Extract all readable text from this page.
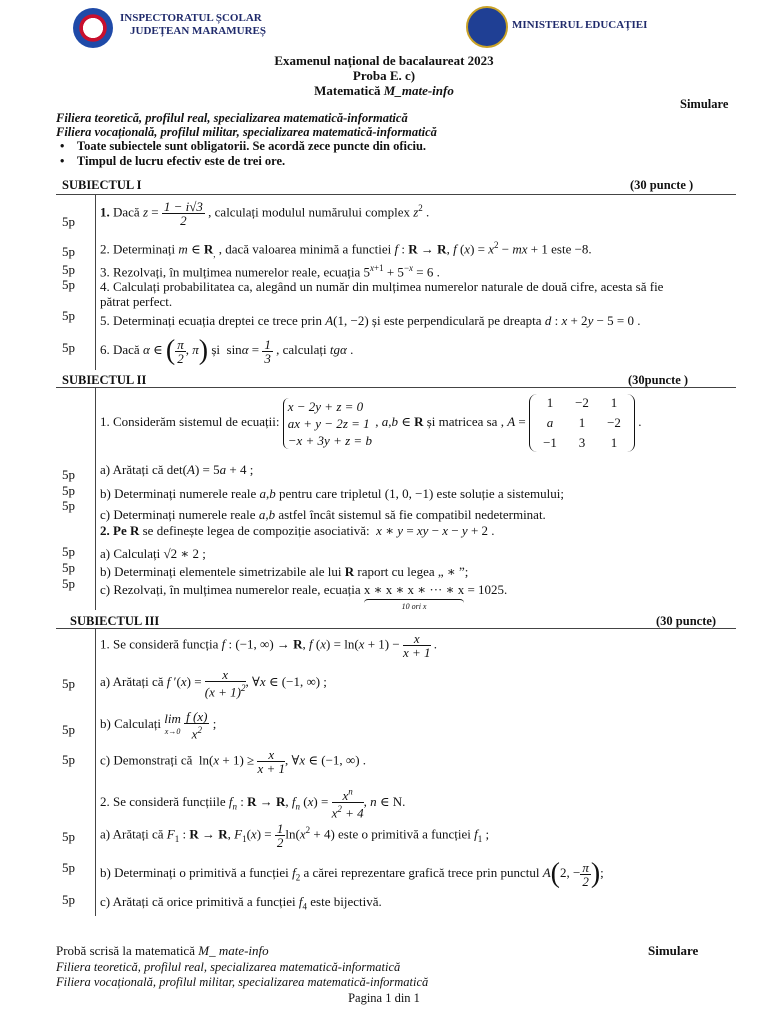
INSPECTORATUL ȘCOLAR
JUDEȚEAN MARAMUREȘ	MINISTERUL EDUCAȚIEI
Examenul național de bacalaureat 2023
Proba E. c)
Matematică M_mate-info
Simulare
Filiera teoretică, profilul real, specializarea matematică-informatică
Filiera vocațională, profilul militar, specializarea matematică-informatică
•    Toate subiectele sunt obligatorii. Se acordă zece puncte din oficiu.
•    Timpul de lucru efectiv este de trei ore.
SUBIECTUL I	(30 puncte )
5p
1. Dacă $z = \frac{1 - i√3}{2}$ , calculați modulul numărului complex $z^2$ .
5p 2. Determinați m ∈ $R_,$ , dacă valoarea minimă a functiei f : R → R, f $(x) = x^2$ − mx + 1 este −8.
5p 3. Rezolvați, în mulțimea numerelor reale, ecuația $5^{x+1} + 5^{-x} = 6$ .
5p 4. Calculați probabilitatea ca, alegând un număr din mulțimea numerelor naturale de două cifre, acesta să fie
pătrat perfect.
5p 5. Determinați ecuația dreptei ce trece prin A(1, −2) și este perpendiculară pe dreapta d : x + 2y − 5 = 0 .
5p 6. Dacă α ∈ ( $\frac{\pi}{2}$ , π) și  $\sin\alpha = \frac{1}{3}$ , calculați tgα .
SUBIECTUL II	(30puncte )
1. Considerăm sistemul de ecuații:
x − 2y + z = 0
ax + y − 2z = 1
−x + 3y + z = b
, a,b ∈ R și matricea sa , A =
1	−2	1
a	1	−2
−1	3	1
.
5p a) Arătați că det(A) = 5a + 4 ;
5p b) Determinați numerele reale a,b pentru care tripletul (1, 0, −1) este soluție a sistemului;
5p
c) Determinați numerele reale a,b astfel încât sistemul să fie compatibil nedeterminat.
2. Pe R se definește legea de compoziție asociativă: x ∗ y = xy − x − y + 2 .
5p a) Calculați √2 ∗ 2 ;
5p b) Determinați elementele simetrizabile ale lui R raport cu legea „ ∗ ”;
5p c) Rezolvați, în mulțimea numerelor reale, ecuația x ∗ x ∗ x ∗ ··· ∗ x
10 ori x
= 1025.
SUBIECTUL III	(30 puncte)
1. Se consideră funcția f : (−1, ∞) → R, f $(x) = \ln(x + 1) - \frac{x}{x + 1}$ .
5p a) Arătați că f $'(x) = \frac{x}{(x + 1)^2}$ , ∀x ∈ (−1, ∞) ;
5p b) Calculați lim
x→0
$\frac{f (x)}{x^2}$ ;
5p c) Demonstrați că  $\ln(x + 1) \ge \frac{x}{x + 1}$ , ∀x ∈ (−1, ∞) .
2. Se consideră funcțiile $f_n$ : R → R, $f_n$ $(x) = \frac{x^n}{x^2 + 4}$ , n ∈ N.
5p a) Arătați că $F_1$ : R → R, $F_1(x) = \frac{1}{2} \ln(x^2 + 4)$ este o primitivă a funcției $f_1$ ;
5p b) Determinați o primitivă a funcției $f_2$ a cărei reprezentare grafică trece prin punctul A(2, − $\frac{\pi}{2}$ );
5p c) Arătați că orice primitivă a funcției $f_4$ este bijectivă.
Probă scrisă la matematică M_ mate-info	Simulare
Filiera teoretică, profilul real, specializarea matematică-informatică
Filiera vocațională, profilul militar, specializarea matematică-informatică
Pagina 1 din 1
